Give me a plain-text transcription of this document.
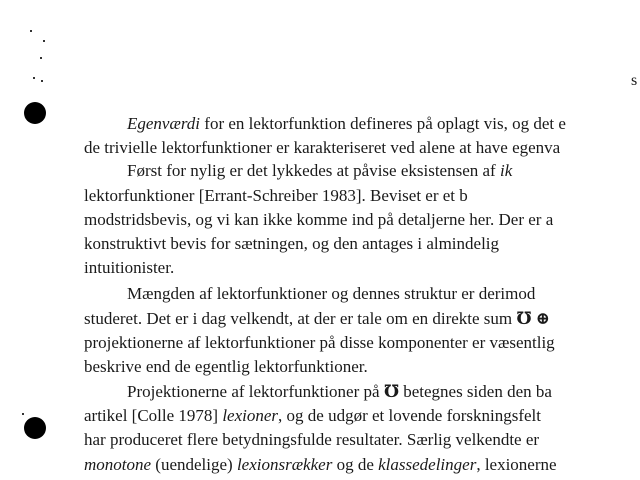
s
Egenværdi for en lektorfunktion defineres på oplagt vis, og det e
de trivielle lektorfunktioner er karakteriseret ved alene at have egenva
Først for nylig er det lykkedes at påvise eksistensen af ik
lektorfunktioner [Errant-Schreiber 1983]. Beviset er et b
modstridsbevis, og vi kan ikke komme ind på detaljerne her. Der er a
konstruktivt bevis for sætningen, og den antages i almindelig
intuitionister.
Mængden af lektorfunktioner og dennes struktur er derimod
studeret. Det er i dag velkendt, at der er tale om en direkte sum ℧ ⊕
projektionerne af lektorfunktioner på disse komponenter er væsentlig
beskrive end de egentlig lektorfunktioner.
Projektionerne af lektorfunktioner på ℧ betegnes siden den ba
artikel [Colle 1978] lexioner, og de udgør et lovende forskningsfelt
har produceret flere betydningsfulde resultater. Særlig velkendte er
monotone (uendelige) lexionsrækker og de klassedelinger, lexionerne
